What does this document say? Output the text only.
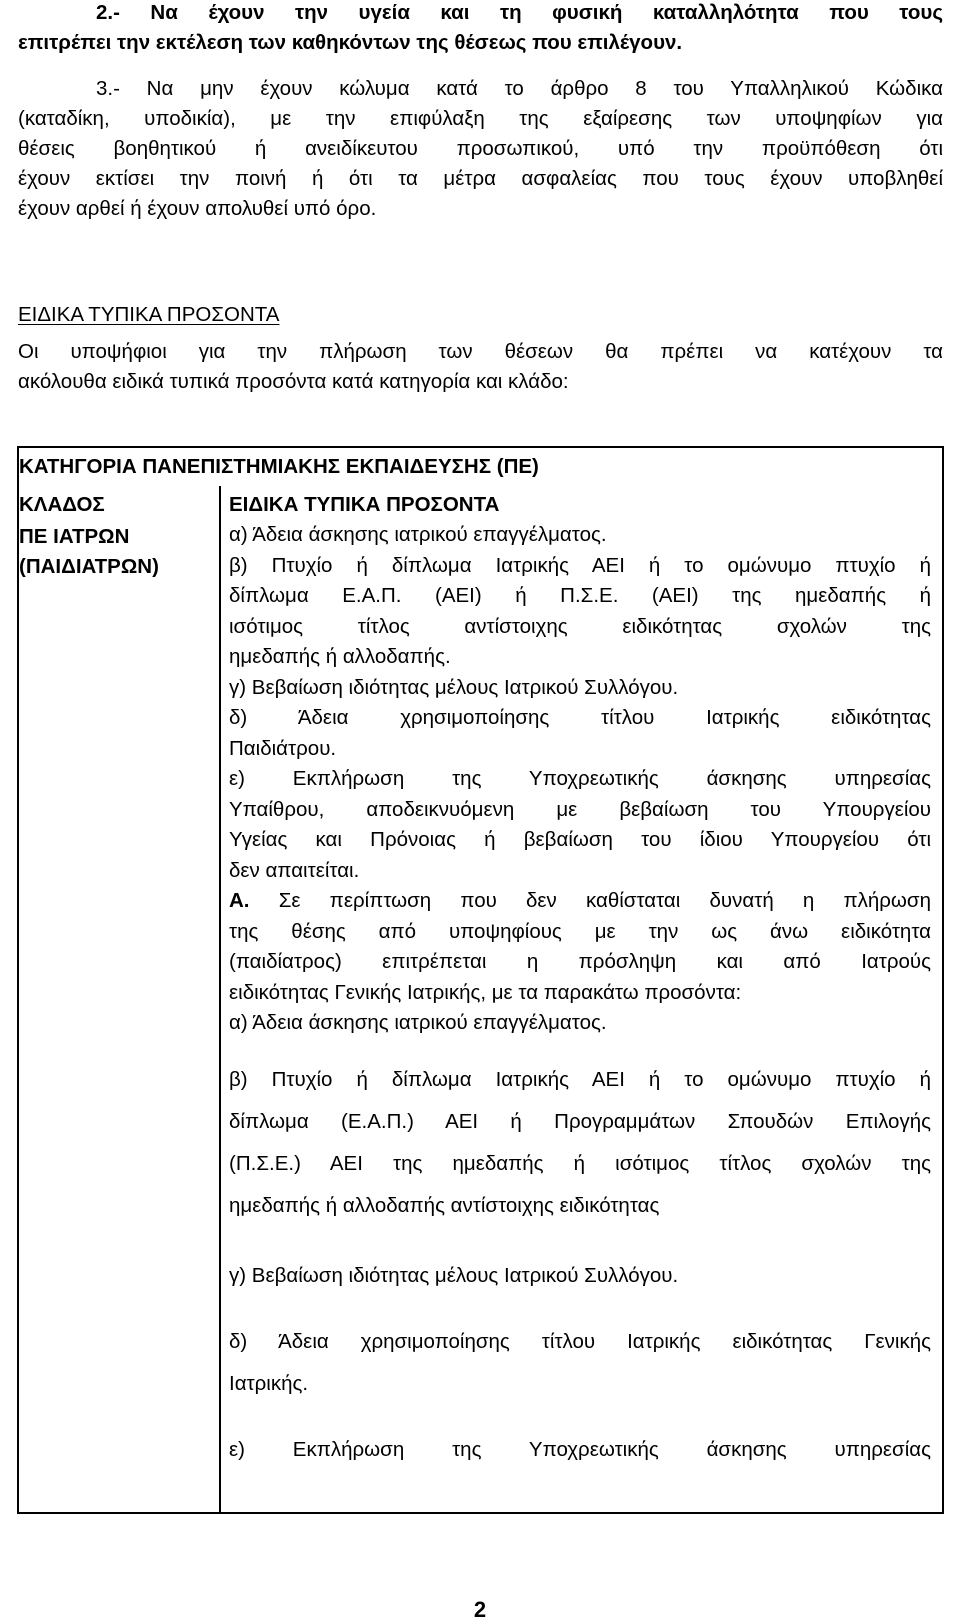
2.- Να έχουν την υγεία και τη φυσική καταλληλότητα που τους

επιτρέπει την εκτέλεση των καθηκόντων της θέσεως που επιλέγουν.

3.- Να μην έχουν κώλυμα κατά το άρθρο 8 του Υπαλληλικού Κώδικα

(καταδίκη, υποδικία), με την επιφύλαξη της εξαίρεσης των υποψηφίων για

θέσεις βοηθητικού ή ανειδίκευτου προσωπικού, υπό την προϋπόθεση ότι

έχουν εκτίσει την ποινή ή ότι τα μέτρα ασφαλείας που τους έχουν υποβληθεί

έχουν αρθεί ή έχουν απολυθεί υπό όρο.

ΕΙΔΙΚΑ ΤΥΠΙΚΑ ΠΡΟΣΟΝΤΑ

Οι υποψήφιοι για την πλήρωση των θέσεων θα πρέπει να κατέχουν τα

ακόλουθα ειδικά τυπικά προσόντα κατά κατηγορία και κλάδο:

ΚΑΤΗΓΟΡΙΑ ΠΑΝΕΠΙΣΤΗΜΙΑΚΗΣ ΕΚΠΑΙΔΕΥΣΗΣ (ΠΕ)
ΚΛΑΔΟΣ	ΕΙΔΙΚΑ ΤΥΠΙΚΑ ΠΡΟΣΟΝΤΑ
ΠΕ ΙΑΤΡΩΝ
(ΠΑΙΔΙΑΤΡΩΝ)

α) Άδεια άσκησης ιατρικού επαγγέλματος.

β) Πτυχίο ή δίπλωμα Ιατρικής ΑΕΙ ή το ομώνυμο πτυχίο ή

δίπλωμα Ε.Α.Π. (ΑΕΙ) ή Π.Σ.Ε. (ΑΕΙ) της ημεδαπής ή

ισότιμος τίτλος αντίστοιχης ειδικότητας σχολών της

ημεδαπής ή αλλοδαπής.

γ) Βεβαίωση ιδιότητας μέλους Ιατρικού Συλλόγου.

δ) Άδεια χρησιμοποίησης τίτλου Ιατρικής ειδικότητας

Παιδιάτρου.

ε) Εκπλήρωση της Υποχρεωτικής άσκησης υπηρεσίας

Υπαίθρου, αποδεικνυόμενη με βεβαίωση του Υπουργείου

Υγείας και Πρόνοιας ή βεβαίωση του ίδιου Υπουργείου ότι

δεν απαιτείται.

Α. Σε περίπτωση που δεν καθίσταται δυνατή η πλήρωση

της θέσης από υποψηφίους με την ως άνω ειδικότητα

(παιδίατρος) επιτρέπεται η πρόσληψη και από Ιατρούς

ειδικότητας Γενικής Ιατρικής, με τα παρακάτω προσόντα:

α) Άδεια άσκησης ιατρικού επαγγέλματος.

β) Πτυχίο ή δίπλωμα Ιατρικής ΑΕΙ ή το ομώνυμο πτυχίο ή

δίπλωμα (Ε.Α.Π.) ΑΕΙ ή Προγραμμάτων Σπουδών Επιλογής

(Π.Σ.Ε.) ΑΕΙ της ημεδαπής ή ισότιμος τίτλος σχολών της

ημεδαπής ή αλλοδαπής αντίστοιχης ειδικότητας

γ) Βεβαίωση ιδιότητας μέλους Ιατρικού Συλλόγου.

δ) Άδεια χρησιμοποίησης τίτλου Ιατρικής ειδικότητας Γενικής

Ιατρικής.

ε) Εκπλήρωση της Υποχρεωτικής άσκησης υπηρεσίας

2
